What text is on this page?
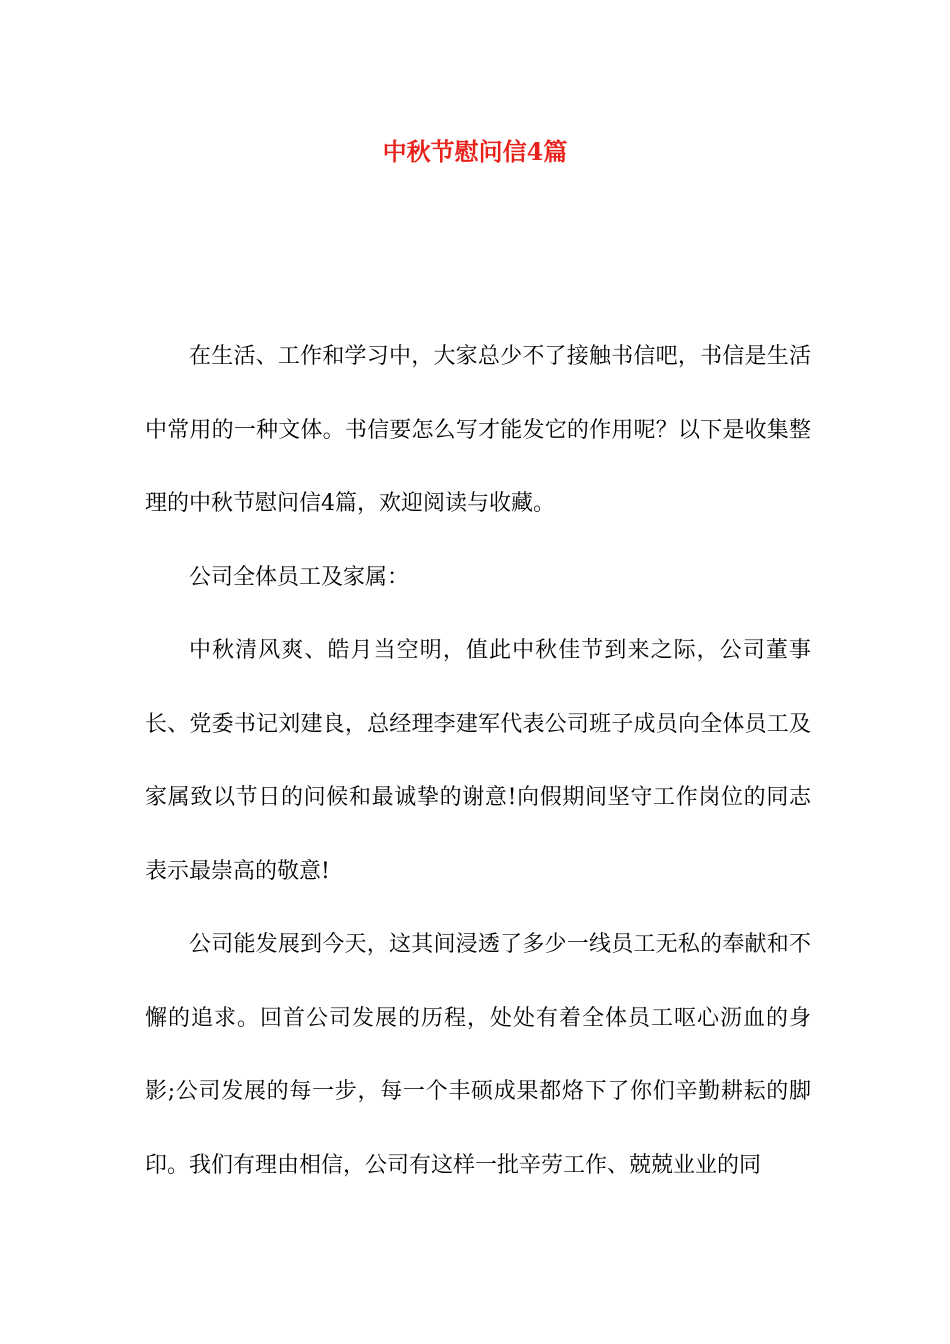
中秋节慰问信4篇

在生活、工作和学习中，大家总少不了接触书信吧，书信是生活中常用的一种文体。书信要怎么写才能发它的作用呢？以下是收集整理的中秋节慰问信4篇，欢迎阅读与收藏。

公司全体员工及家属：

中秋清风爽、皓月当空明，值此中秋佳节到来之际，公司董事长、党委书记刘建良，总经理李建军代表公司班子成员向全体员工及家属致以节日的问候和最诚挚的谢意!向假期间坚守工作岗位的同志表示最崇高的敬意!

公司能发展到今天，这其间浸透了多少一线员工无私的奉献和不懈的追求。回首公司发展的历程，处处有着全体员工呕心沥血的身影;公司发展的每一步，每一个丰硕成果都烙下了你们辛勤耕耘的脚印。我们有理由相信，公司有这样一批辛劳工作、兢兢业业的同
